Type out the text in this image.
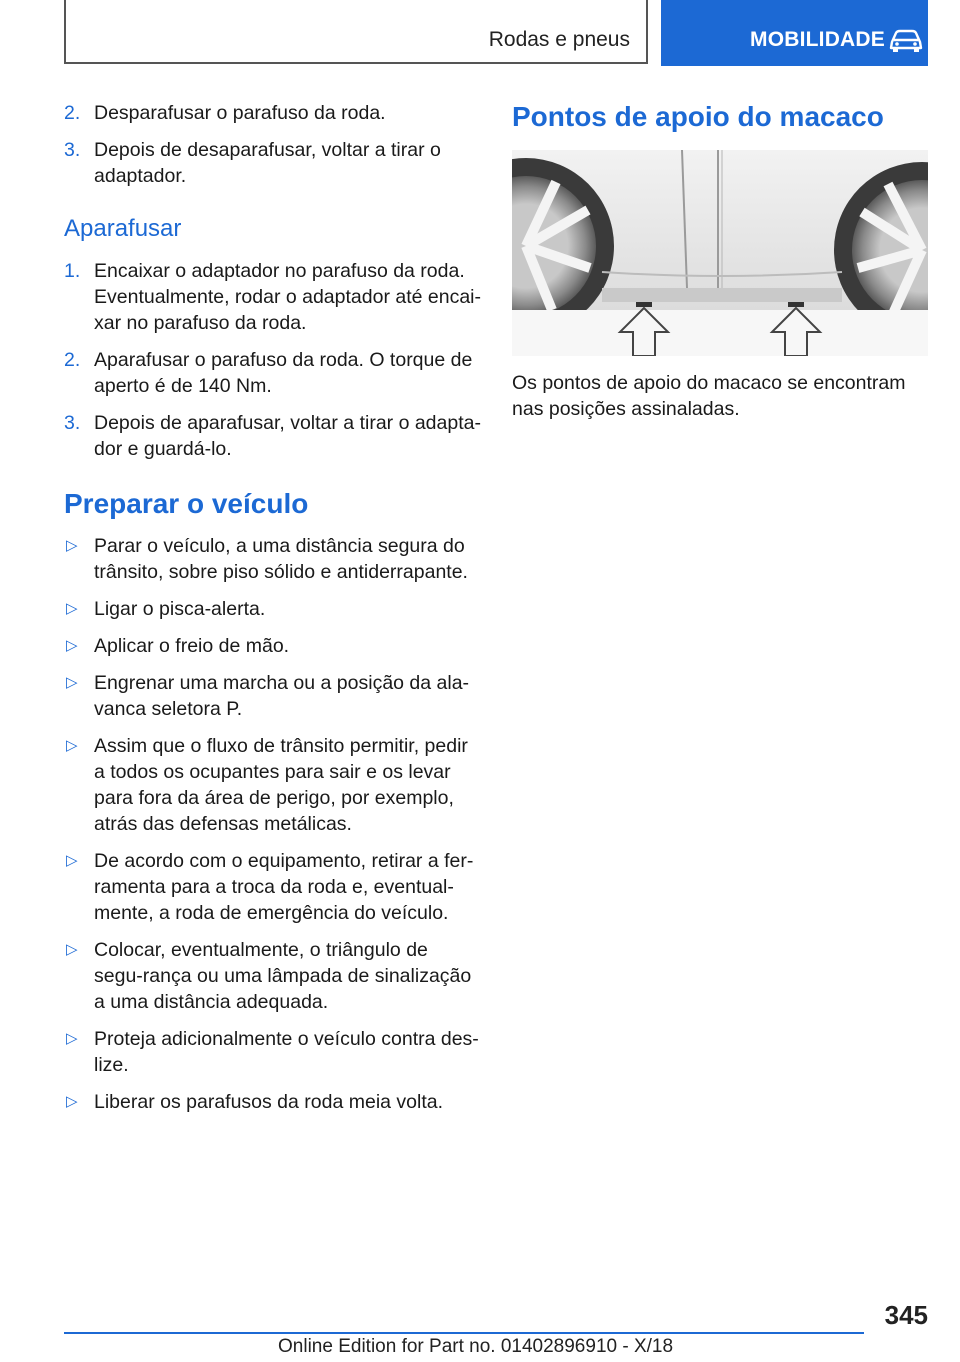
Rodas e pneus	MOBILIDADE
2. Desparafusar o parafuso da roda.
3. Depois de desaparafusar, voltar a tirar o adaptador.
Aparafusar
1. Encaixar o adaptador no parafuso da roda. Eventualmente, rodar o adaptador até encai-xar no parafuso da roda.
2. Aparafusar o parafuso da roda. O torque de aperto é de 140 Nm.
3. Depois de aparafusar, voltar a tirar o adapta-dor e guardá-lo.
Preparar o veículo
▷ Parar o veículo, a uma distância segura do trânsito, sobre piso sólido e antiderrapante.
▷ Ligar o pisca-alerta.
▷ Aplicar o freio de mão.
▷ Engrenar uma marcha ou a posição da ala-vanca seletora P.
▷ Assim que o fluxo de trânsito permitir, pedir a todos os ocupantes para sair e os levar para fora da área de perigo, por exemplo, atrás das defensas metálicas.
▷ De acordo com o equipamento, retirar a fer-ramenta para a troca da roda e, eventual-mente, a roda de emergência do veículo.
▷ Colocar, eventualmente, o triângulo de segu-rança ou uma lâmpada de sinalização a uma distância adequada.
▷ Proteja adicionalmente o veículo contra des-lize.
▷ Liberar os parafusos da roda meia volta.
Pontos de apoio do macaco
Os pontos de apoio do macaco se encontram nas posições assinaladas.
345
Online Edition for Part no. 01402896910 - X/18
